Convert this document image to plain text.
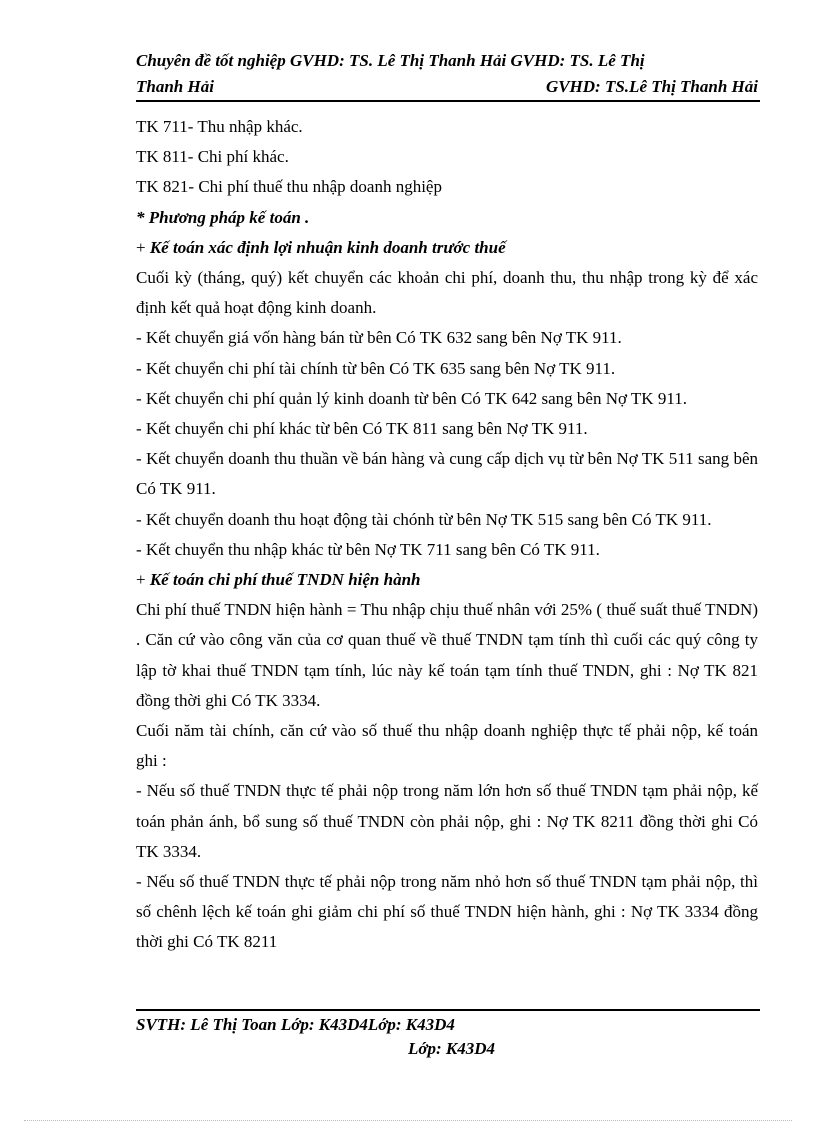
Chuyên đề tốt nghiệp GVHD: TS. Lê Thị Thanh Hải GVHD: TS. Lê Thị
Thanh Hải	GVHD: TS.Lê Thị Thanh Hải

TK 711- Thu nhập khác.

TK 811- Chi phí khác.

TK 821- Chi phí thuế thu nhập doanh nghiệp

* Phương pháp kế toán .

+ Kế toán xác định lợi nhuận kinh doanh trước thuế

Cuối kỳ (tháng, quý) kết chuyển các khoản chi phí, doanh thu, thu nhập trong kỳ để xác định kết quả hoạt động kinh doanh.

- Kết chuyển giá vốn hàng bán từ bên Có TK 632 sang bên Nợ TK 911.

- Kết chuyển chi phí tài chính từ bên Có TK 635 sang bên Nợ TK 911.

- Kết chuyển chi phí quản lý kinh doanh từ bên Có TK 642 sang bên Nợ TK 911.

- Kết chuyển chi phí khác từ bên Có TK 811 sang bên Nợ TK 911.

- Kết chuyển doanh thu thuần về bán hàng và cung cấp dịch vụ từ bên Nợ TK 511 sang bên Có TK 911.

- Kết chuyển doanh thu hoạt động tài chónh từ bên Nợ TK 515 sang bên Có TK 911.

- Kết chuyển thu nhập khác từ bên Nợ TK 711 sang bên Có TK 911.

+ Kế toán chi phí thuế TNDN hiện hành

Chi phí thuế TNDN hiện hành = Thu nhập chịu thuế nhân với 25% ( thuế suất thuế TNDN) . Căn cứ vào công văn của cơ quan thuế về thuế TNDN tạm tính thì cuối các quý công ty lập tờ khai thuế TNDN tạm tính, lúc này kế toán tạm tính thuế TNDN, ghi : Nợ TK 821 đồng thời ghi Có TK 3334.

Cuối năm tài chính, căn cứ vào số thuế thu nhập doanh nghiệp thực tế phải nộp, kế toán ghi :

- Nếu số thuế TNDN thực tế phải nộp trong năm lớn hơn số thuế TNDN tạm phải nộp, kế toán phản ánh, bổ sung số thuế TNDN còn phải nộp, ghi : Nợ TK 8211 đồng thời ghi Có TK 3334.

- Nếu số thuế TNDN thực tế phải nộp trong năm nhỏ hơn số thuế TNDN tạm phải nộp, thì số chênh lệch kế toán ghi giảm chi phí số thuế TNDN hiện hành, ghi : Nợ TK 3334 đồng thời ghi Có TK 8211

SVTH: Lê Thị Toan Lớp: K43D4Lớp: K43D4
Lớp: K43D4
